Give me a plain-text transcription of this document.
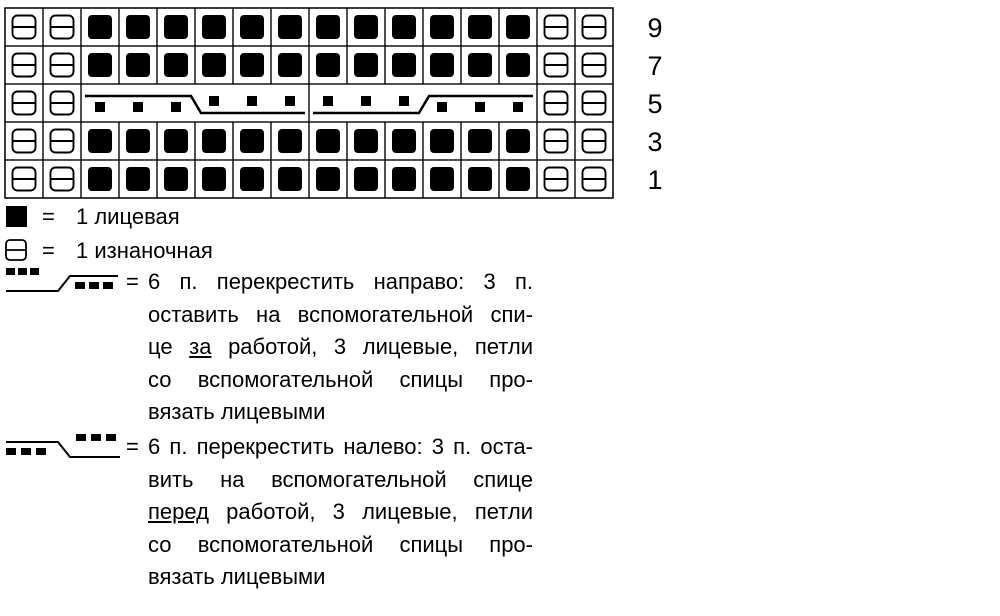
9
7
5
3
1
= 1 лицевая
= 1 изнаночная
= 6 п. перекрестить направо: 3 п.
оставить на вспомогательной спи-
це за работой, 3 лицевые, петли
со вспомогательной спицы про-
вязать лицевыми
= 6 п. перекрестить налево: 3 п. оста-
вить на вспомогательной спице
перед работой, 3 лицевые, петли
со вспомогательной спицы про-
вязать лицевыми
